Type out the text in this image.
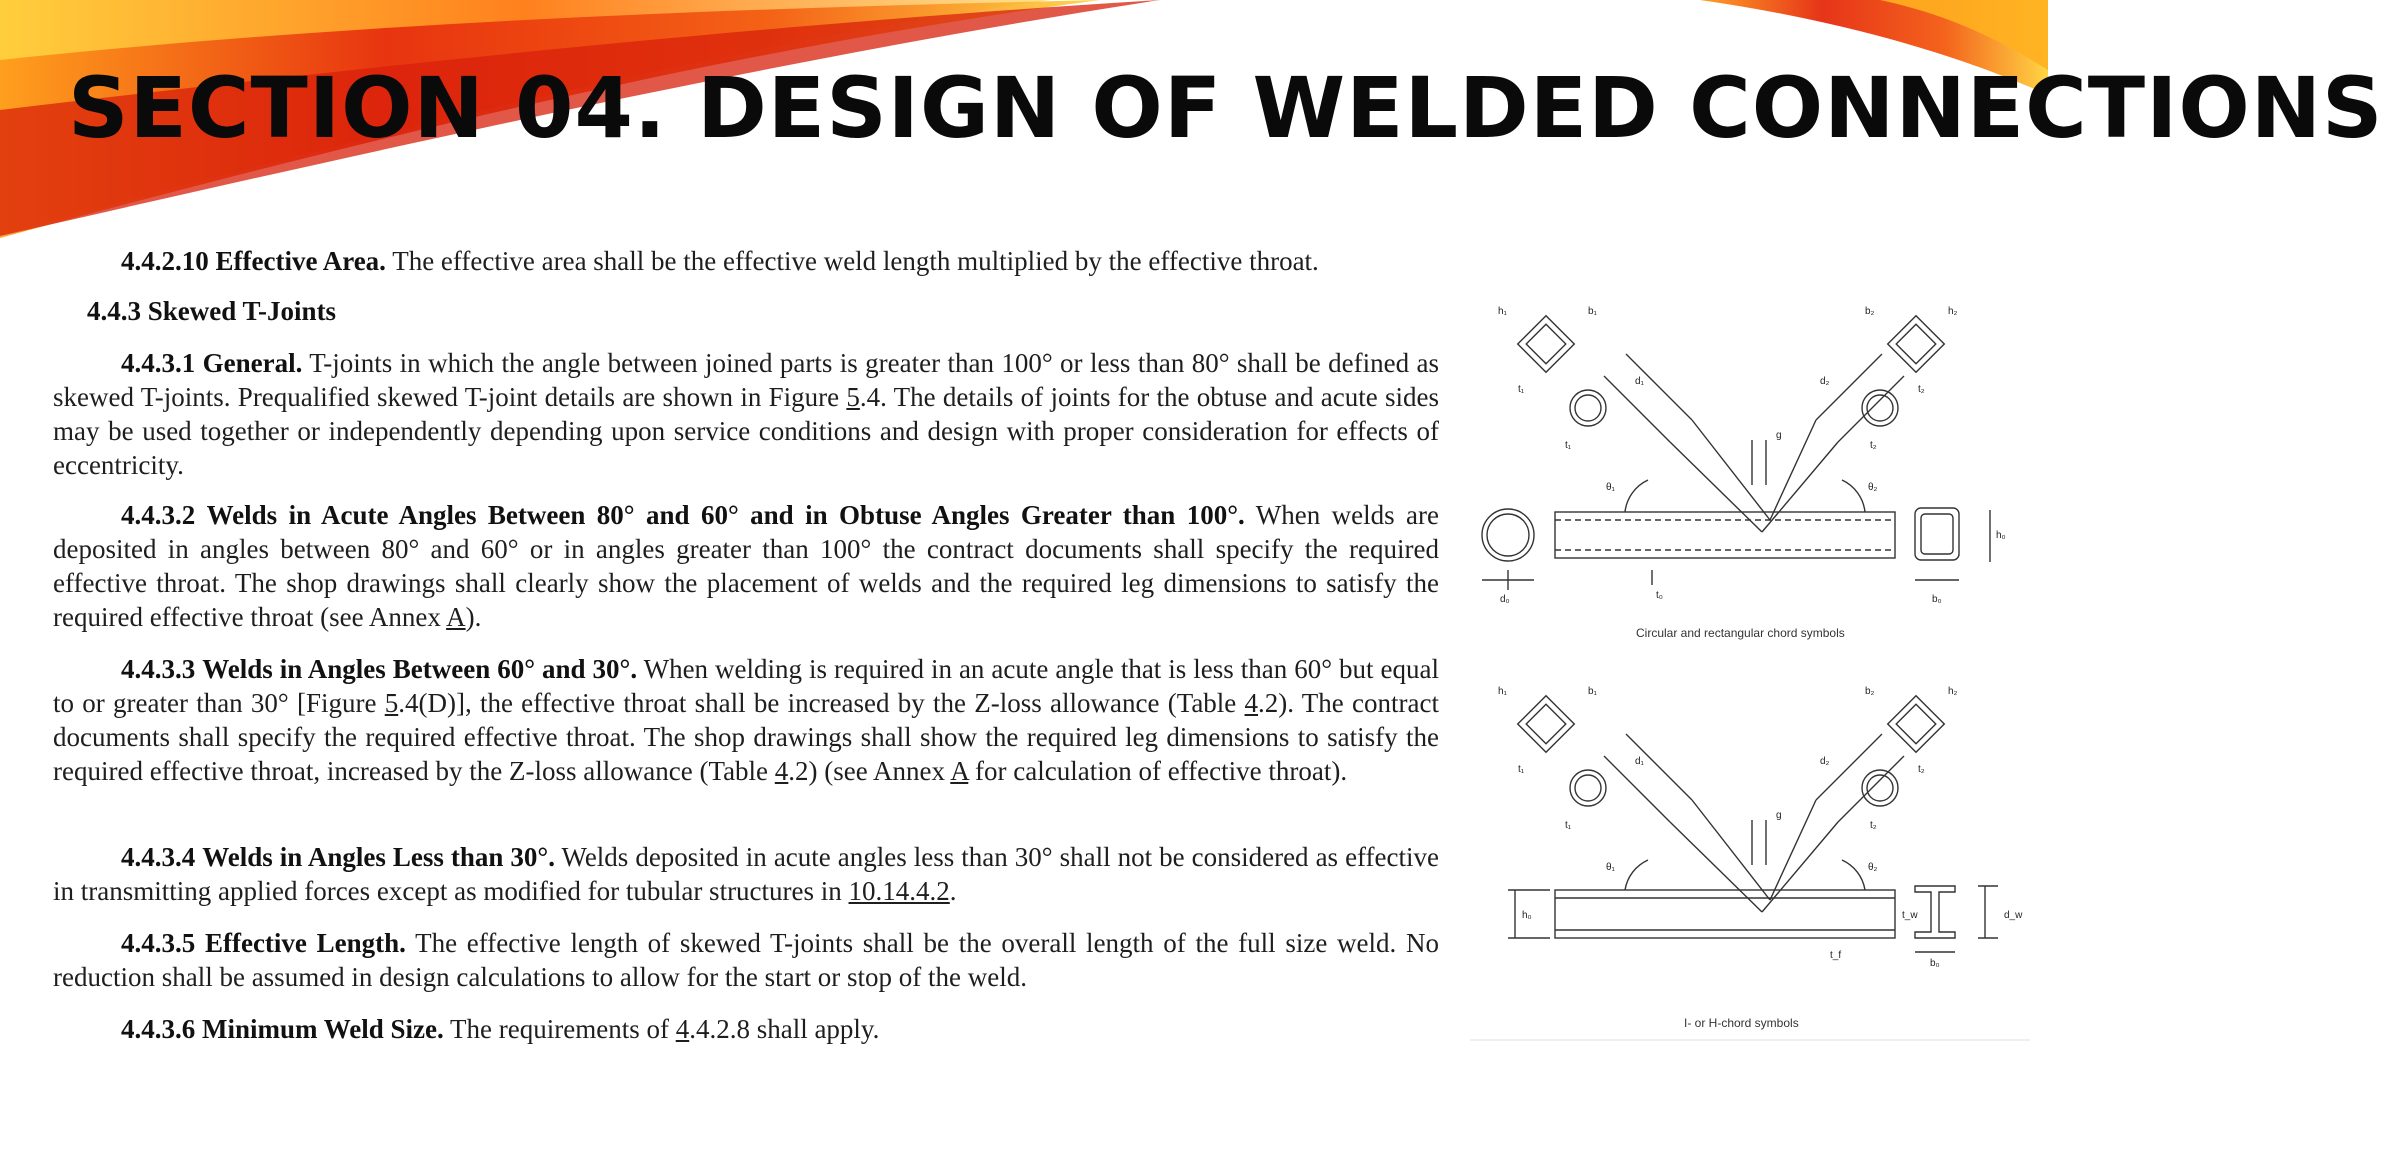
SECTION 04. DESIGN OF WELDED CONNECTIONS
4.4.2.10 Effective Area. The effective area shall be the effective weld length multiplied by the effective throat.
4.4.3 Skewed T-Joints
4.4.3.1 General. T-joints in which the angle between joined parts is greater than 100° or less than 80° shall be defined as skewed T-joints. Prequalified skewed T-joint details are shown in Figure 5.4. The details of joints for the obtuse and acute sides may be used together or independently depending upon service conditions and design with proper consideration for effects of eccentricity.
4.4.3.2 Welds in Acute Angles Between 80° and 60° and in Obtuse Angles Greater than 100°. When welds are deposited in angles between 80° and 60° or in angles greater than 100° the contract documents shall specify the required effective throat. The shop drawings shall clearly show the placement of welds and the required leg dimensions to satisfy the required effective throat (see Annex A).
4.4.3.3 Welds in Angles Between 60° and 30°. When welding is required in an acute angle that is less than 60° but equal to or greater than 30° [Figure 5.4(D)], the effective throat shall be increased by the Z-loss allowance (Table 4.2). The contract documents shall specify the required effective throat. The shop drawings shall show the required leg dimensions to satisfy the required effective throat, increased by the Z-loss allowance (Table 4.2) (see Annex A for calculation of effective throat).
4.4.3.4 Welds in Angles Less than 30°. Welds deposited in acute angles less than 30° shall not be considered as effective in transmitting applied forces except as modified for tubular structures in 10.14.4.2.
4.4.3.5 Effective Length. The effective length of skewed T-joints shall be the overall length of the full size weld. No reduction shall be assumed in design calculations to allow for the start or stop of the weld.
4.4.3.6 Minimum Weld Size. The requirements of 4.4.2.8 shall apply.
h₁	b₁	b₂	h₂
d₁	d₂
t₁	t₂
t₁	t₂
g
θ₁	θ₂
h₀
d₀	t₀	b₀
h₁	b₁	b₂	h₂
d₁	d₂
t₁	t₂
t₁	t₂
g
θ₁	θ₂
h₀	t_w	d_w
b₀
t_f
Circular and rectangular chord symbols
I- or H-chord symbols
